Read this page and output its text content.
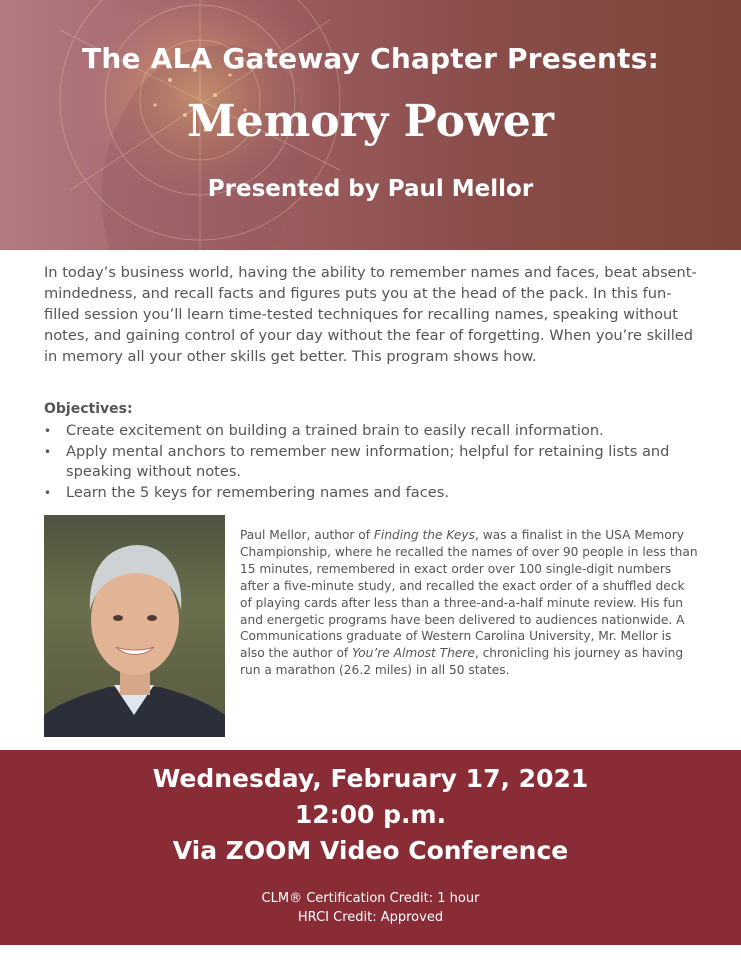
The ALA Gateway Chapter Presents:
Memory Power
Presented by Paul Mellor

In today’s business world, having the ability to remember names and faces, beat absent-mindedness, and recall facts and figures puts you at the head of the pack. In this fun-filled session you’ll learn time-tested techniques for recalling names, speaking without notes, and gaining control of your day without the fear of forgetting. When you’re skilled in memory all your other skills get better. This program shows how.

Objectives:
• Create excitement on building a trained brain to easily recall information.
• Apply mental anchors to remember new information; helpful for retaining lists and speaking without notes.
• Learn the 5 keys for remembering names and faces.

Paul Mellor, author of Finding the Keys, was a finalist in the USA Memory Championship, where he recalled the names of over 90 people in less than 15 minutes, remembered in exact order over 100 single-digit numbers after a five-minute study, and recalled the exact order of a shuffled deck of playing cards after less than a three-and-a-half minute review. His fun and energetic programs have been delivered to audiences nationwide. A Communications graduate of Western Carolina University, Mr. Mellor is also the author of You’re Almost There, chronicling his journey as having run a marathon (26.2 miles) in all 50 states.

Wednesday, February 17, 2021
12:00 p.m.
Via ZOOM Video Conference
CLM® Certification Credit: 1 hour
HRCI Credit: Approved
